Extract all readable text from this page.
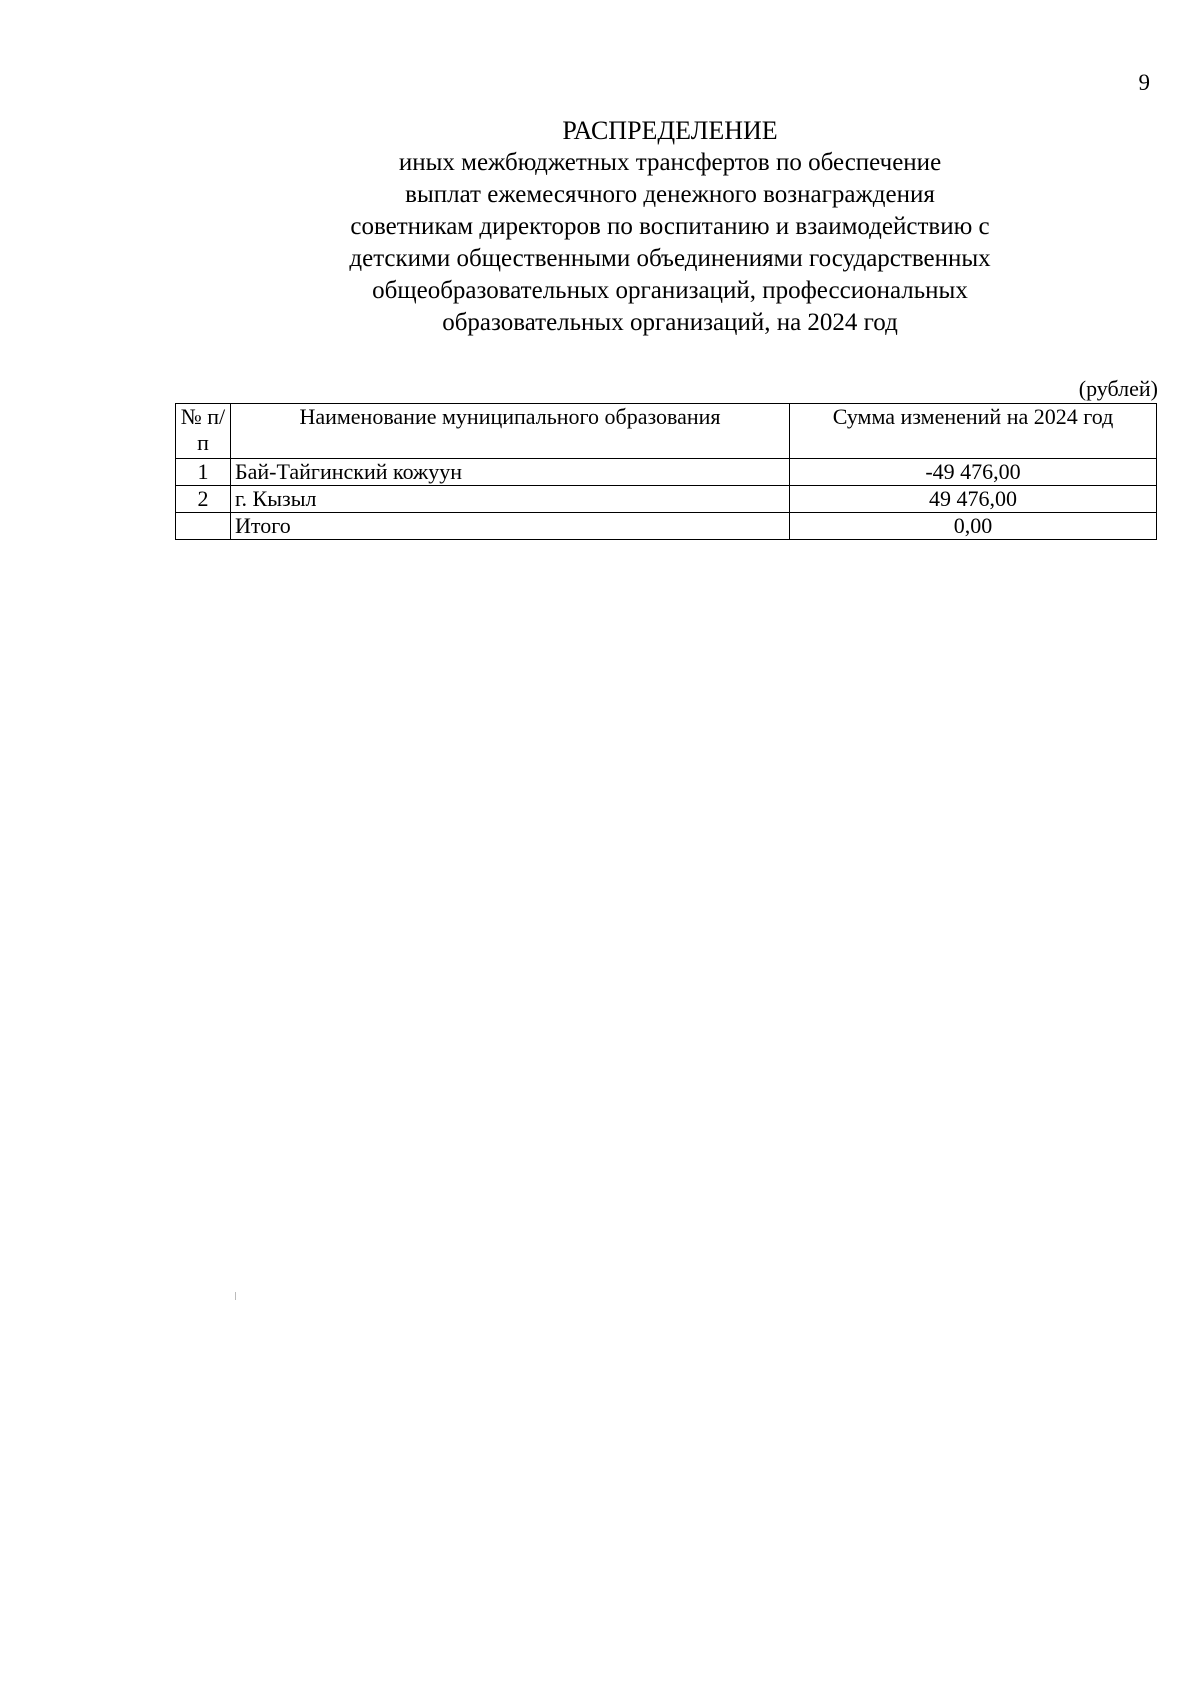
9
РАСПРЕДЕЛЕНИЕ
иных межбюджетных трансфертов по обеспечение
выплат ежемесячного денежного вознаграждения
советникам директоров по воспитанию и взаимодействию с
детскими общественными объединениями государственных
общеобразовательных организаций, профессиональных
образовательных организаций, на 2024 год
(рублей)
№ п/п	Наименование муниципального образования	Сумма изменений на 2024 год
1	Бай-Тайгинский кожуун	-49 476,00
2	г. Кызыл	49 476,00
	Итого	0,00
